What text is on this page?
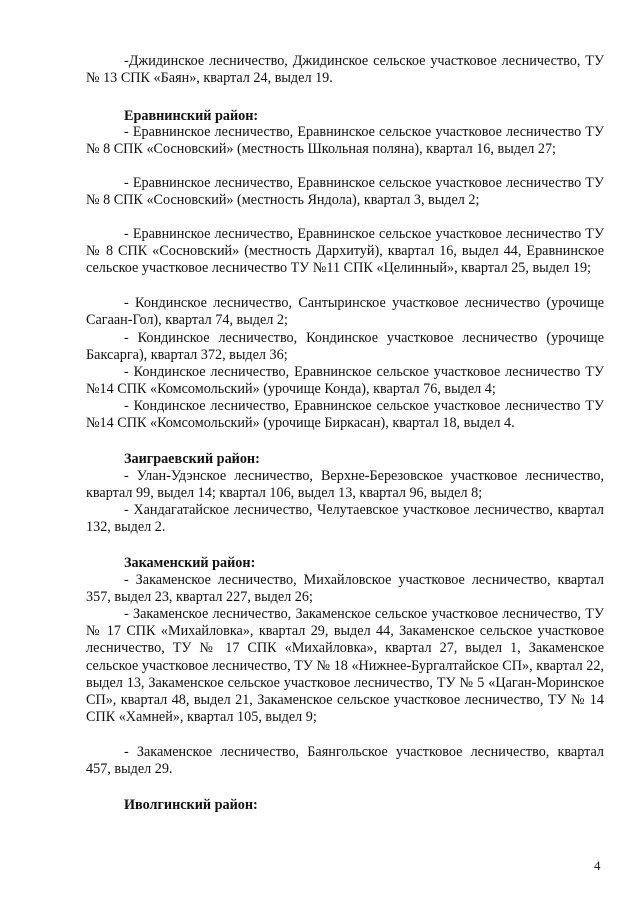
-Джидинское лесничество, Джидинское сельское участковое лесничество, ТУ № 13 СПК «Баян», квартал 24, выдел 19.

Еравнинский район:

- Еравнинское лесничество, Еравнинское сельское участковое лесничество ТУ № 8 СПК «Сосновский» (местность Школьная поляна), квартал 16, выдел 27;

- Еравнинское лесничество, Еравнинское сельское участковое лесничество ТУ № 8 СПК «Сосновский» (местность Яндола), квартал 3, выдел 2;

- Еравнинское лесничество, Еравнинское сельское участковое лесничество ТУ № 8 СПК «Сосновский» (местность Дархитуй), квартал 16, выдел 44, Еравнинское сельское участковое лесничество ТУ №11 СПК «Целинный», квартал 25, выдел 19;

- Кондинское лесничество, Сантыринское участковое лесничество (урочище Сагаан-Гол), квартал 74, выдел 2;

- Кондинское лесничество, Кондинское участковое лесничество (урочище Баксарга), квартал 372, выдел 36;

- Кондинское лесничество, Еравнинское сельское участковое лесничество ТУ №14 СПК «Комсомольский» (урочище Конда), квартал 76, выдел 4;

- Кондинское лесничество, Еравнинское сельское участковое лесничество ТУ №14 СПК «Комсомольский» (урочище Биркасан), квартал 18, выдел 4.

Заиграевский район:

- Улан-Удэнское лесничество, Верхне-Березовское участковое лесничество, квартал 99, выдел 14; квартал 106, выдел 13, квартал 96, выдел 8;

- Хандагатайское лесничество, Челутаевское участковое лесничество, квартал 132, выдел 2.

Закаменский район:

- Закаменское лесничество, Михайловское участковое лесничество, квартал 357, выдел 23, квартал 227, выдел 26;

- Закаменское лесничество, Закаменское сельское участковое лесничество, ТУ № 17 СПК «Михайловка», квартал 29, выдел 44, Закаменское сельское участковое лесничество, ТУ № 17 СПК «Михайловка», квартал 27, выдел 1, Закаменское сельское участковое лесничество, ТУ № 18 «Нижнее-Бургалтайское СП», квартал 22, выдел 13, Закаменское сельское участковое лесничество, ТУ № 5 «Цаган-Моринское СП», квартал 48, выдел 21, Закаменское сельское участковое лесничество, ТУ № 14 СПК «Хамней», квартал 105, выдел 9;

- Закаменское лесничество, Баянгольское участковое лесничество, квартал 457, выдел 29.

Иволгинский район:

4
